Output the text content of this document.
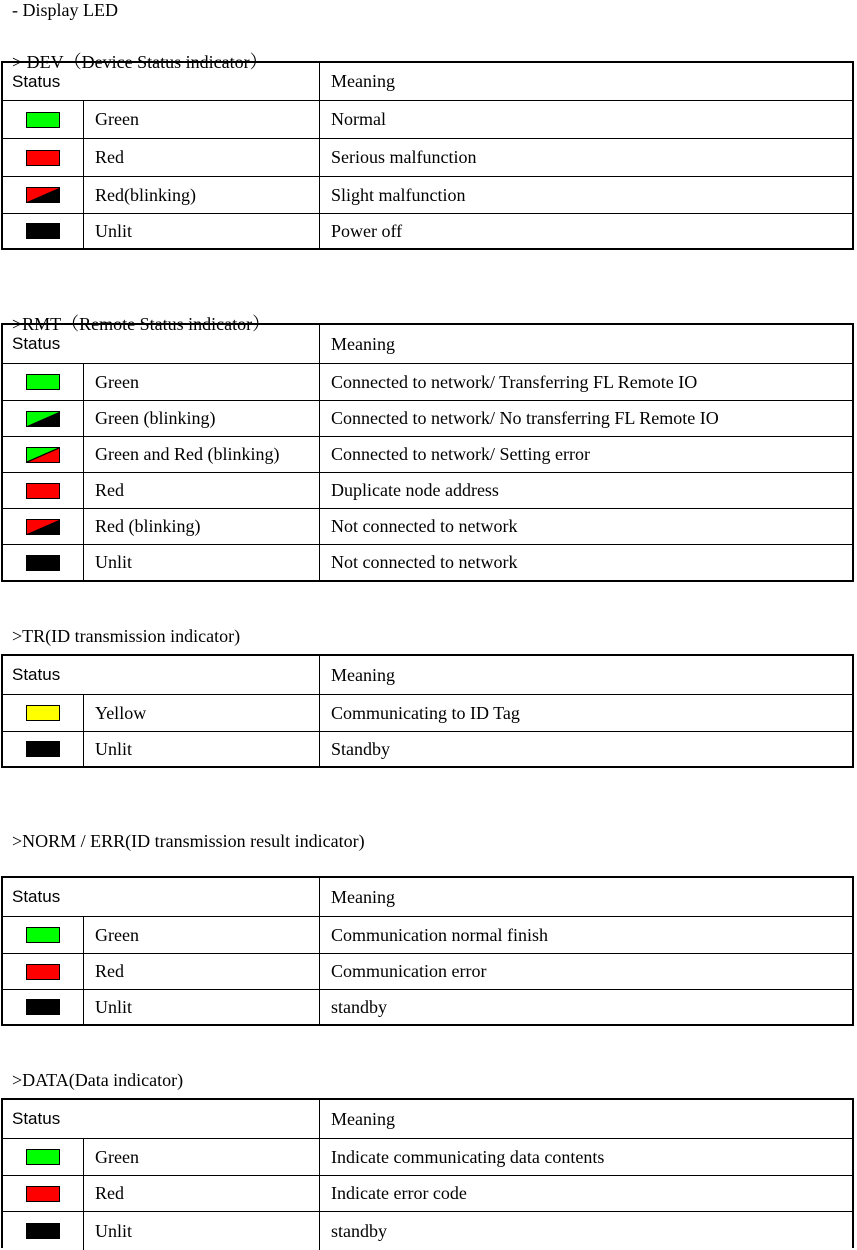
- Display LED
> DEV（Device Status indicator）
Status	Meaning
Green	Normal
Red	Serious malfunction
Red(blinking)	Slight malfunction
Unlit	Power off
>RMT（Remote Status indicator）
Status	Meaning
Green	Connected to network/ Transferring FL Remote IO
Green (blinking)	Connected to network/ No transferring FL Remote IO
Green and Red (blinking)	Connected to network/ Setting error
Red	Duplicate node address
Red (blinking)	Not connected to network
Unlit	Not connected to network
>TR(ID transmission indicator)
Status	Meaning
Yellow	Communicating to ID Tag
Unlit	Standby
>NORM / ERR(ID transmission result indicator)
Status	Meaning
Green	Communication normal finish
Red	Communication error
Unlit	standby
>DATA(Data indicator)
Status	Meaning
Green	Indicate communicating data contents
Red	Indicate error code
Unlit	standby
